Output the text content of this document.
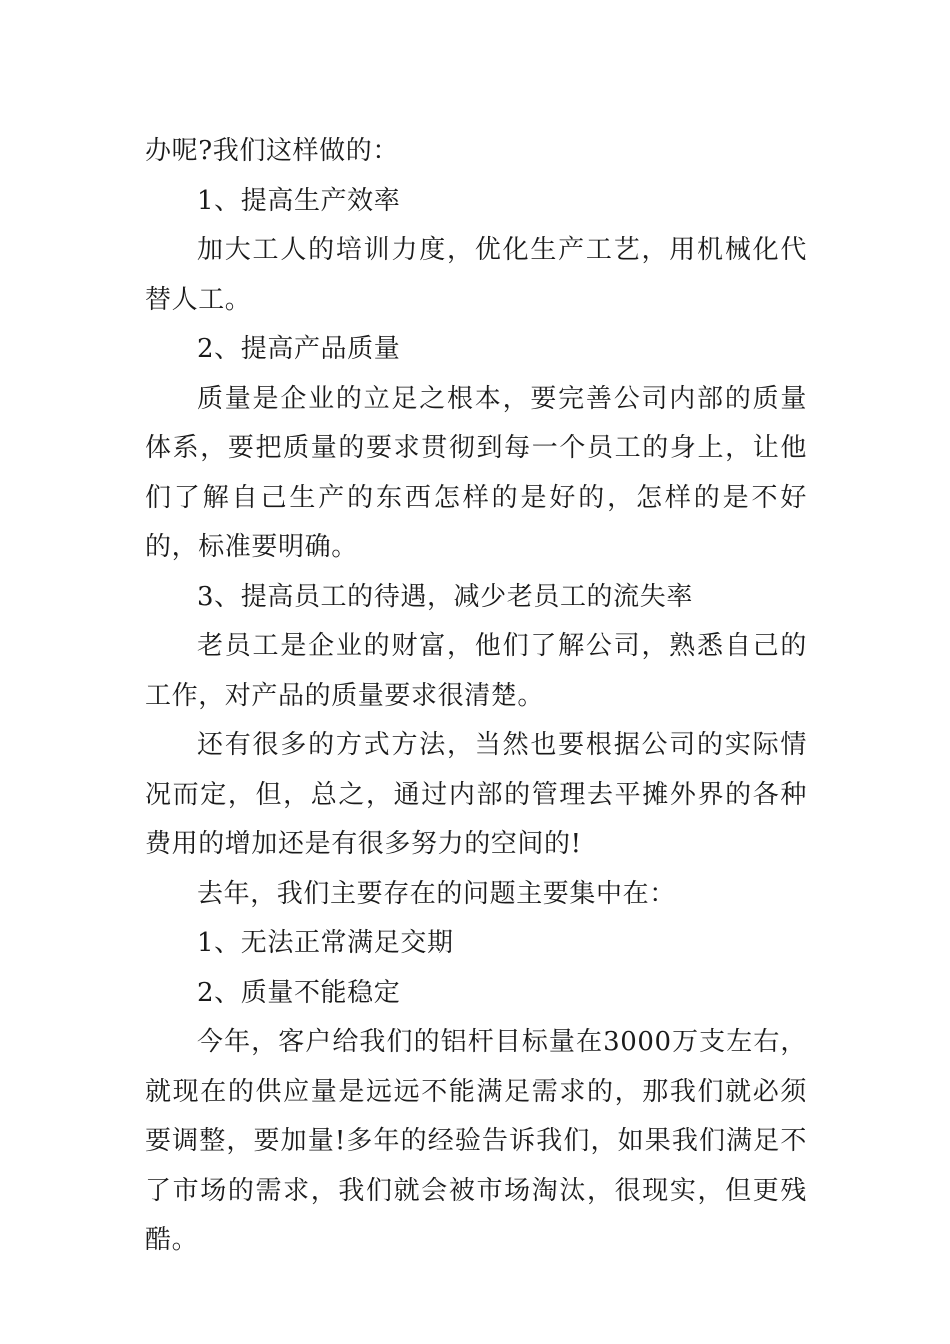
办呢?我们这样做的：

1、提高生产效率

加大工人的培训力度，优化生产工艺，用机械化代替人工。

2、提高产品质量

质量是企业的立足之根本，要完善公司内部的质量体系，要把质量的要求贯彻到每一个员工的身上，让他们了解自己生产的东西怎样的是好的，怎样的是不好的，标准要明确。

3、提高员工的待遇，减少老员工的流失率

老员工是企业的财富，他们了解公司，熟悉自己的工作，对产品的质量要求很清楚。

还有很多的方式方法，当然也要根据公司的实际情况而定，但，总之，通过内部的管理去平摊外界的各种费用的增加还是有很多努力的空间的!

去年，我们主要存在的问题主要集中在：

1、无法正常满足交期

2、质量不能稳定

今年，客户给我们的铝杆目标量在3000万支左右，就现在的供应量是远远不能满足需求的，那我们就必须要调整，要加量!多年的经验告诉我们，如果我们满足不了市场的需求，我们就会被市场淘汰，很现实，但更残酷。
